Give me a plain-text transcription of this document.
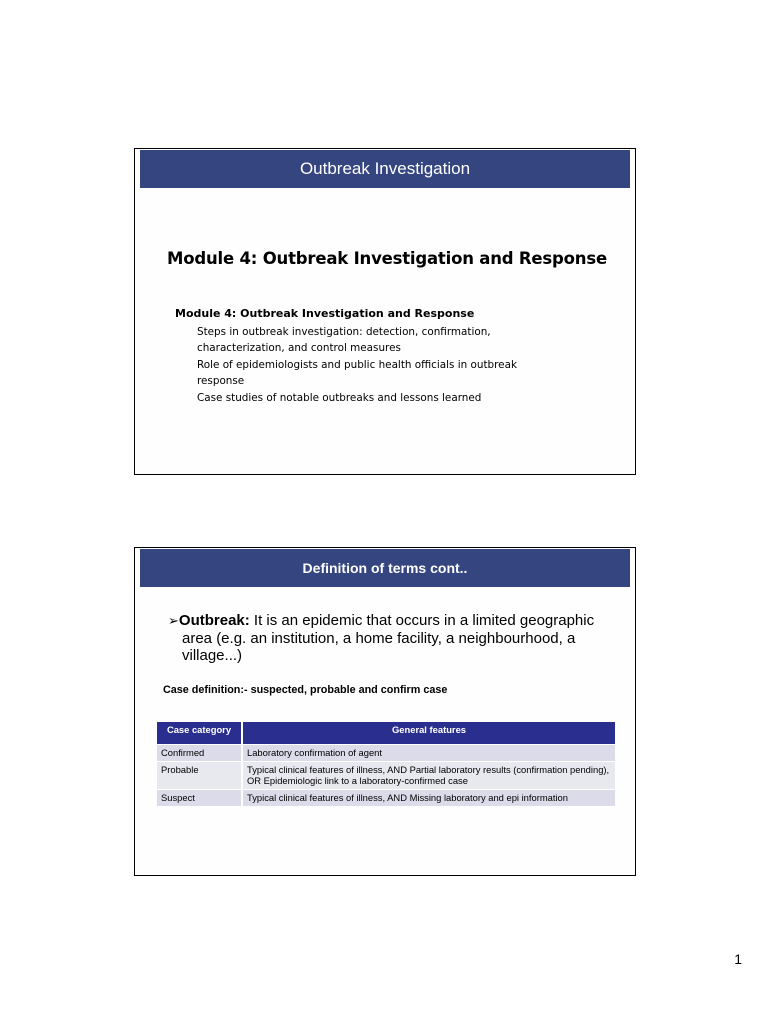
Outbreak Investigation
Module 4: Outbreak Investigation and Response
Module 4: Outbreak Investigation and Response
Steps in outbreak investigation: detection, confirmation, characterization, and control measures
Role of epidemiologists and public health officials in outbreak response
Case studies of notable outbreaks and lessons learned
Definition of terms cont..
➢Outbreak: It is an epidemic that occurs in a limited geographic area (e.g. an institution, a home facility, a neighbourhood, a village...)
Case definition:- suspected, probable and confirm case
Case category	General features
Confirmed	Laboratory confirmation of agent
Probable	Typical clinical features of illness, AND Partial laboratory results (confirmation pending), OR Epidemiologic link to a laboratory-confirmed case
Suspect	Typical clinical features of illness, AND Missing laboratory and epi information
1
